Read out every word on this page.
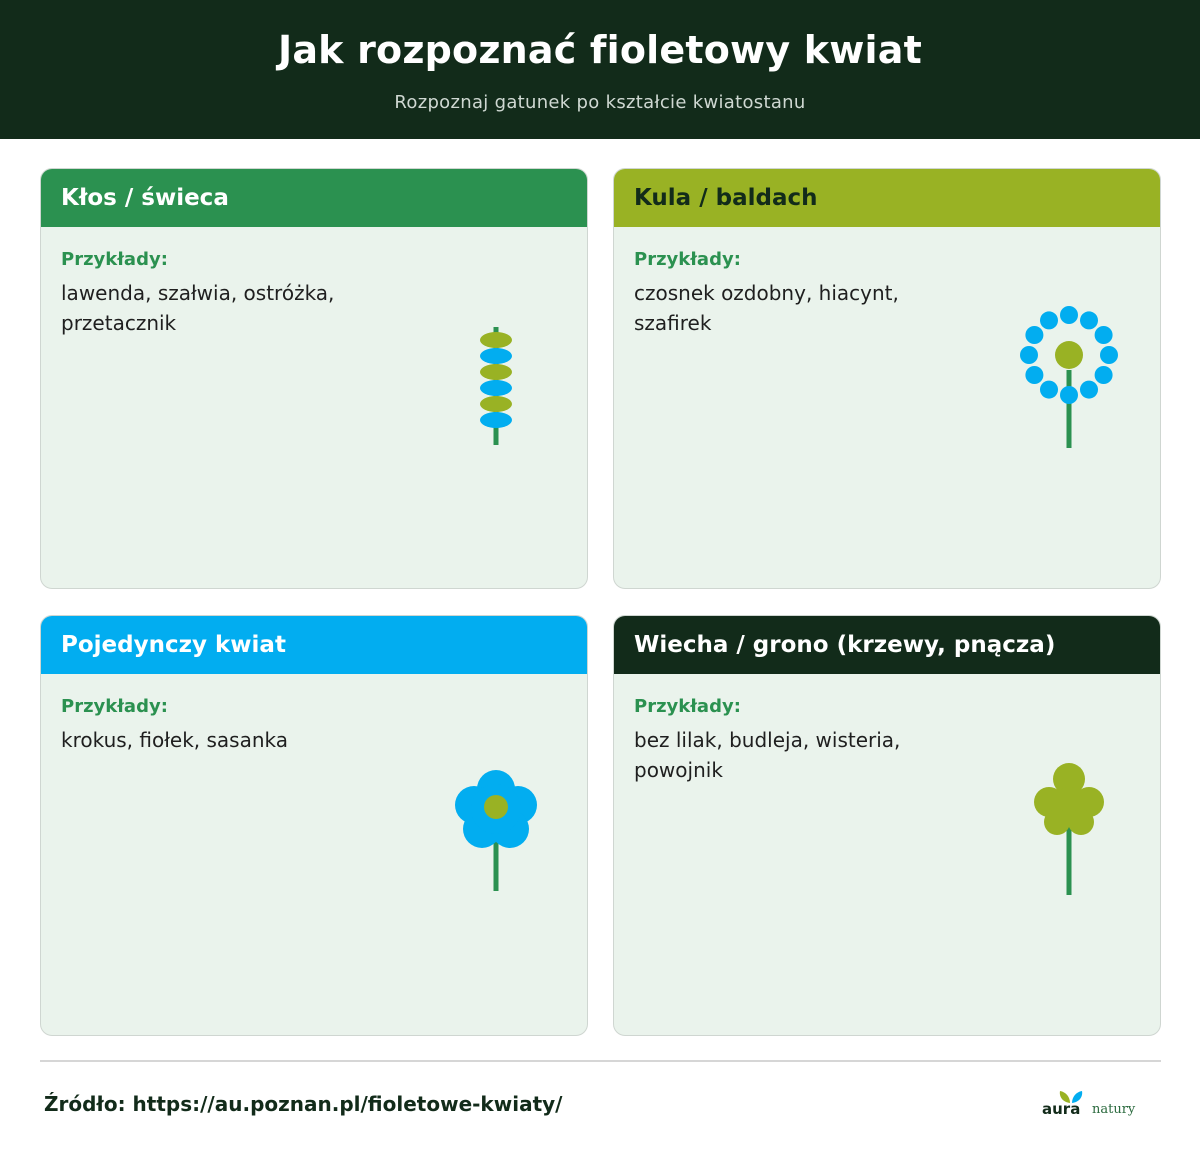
Jak rozpoznać fioletowy kwiat
Rozpoznaj gatunek po kształcie kwiatostanu
Kłos / świeca
Przykłady:
lawenda, szałwia, ostróżka, przetacznik
Kula / baldach
Przykłady:
czosnek ozdobny, hiacynt, szafirek
Pojedynczy kwiat
Przykłady:
krokus, fiołek, sasanka
Wiecha / grono (krzewy, pnącza)
Przykłady:
bez lilak, budleja, wisteria, powojnik
Źródło: https://au.poznan.pl/fioletowe-kwiaty/	aura natury
